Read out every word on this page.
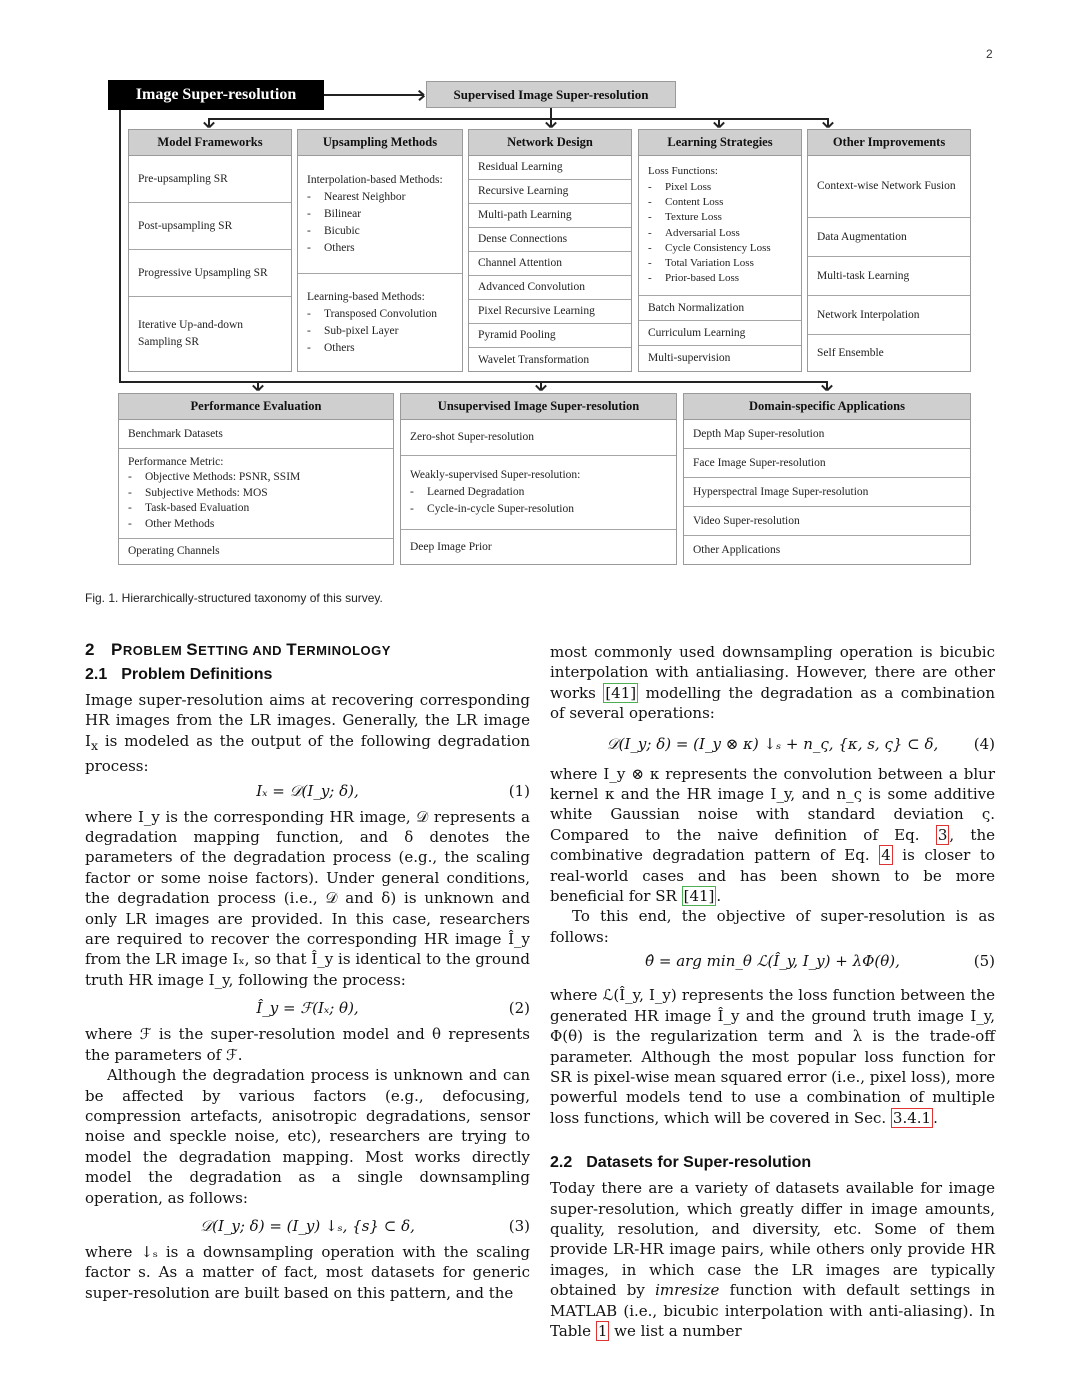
2
Image Super-resolution	Supervised Image Super-resolution
Model Frameworks
Pre-upsampling SR
Post-upsampling SR
Progressive Upsampling SR
Iterative Up-and-down Sampling SR
Upsampling Methods
Interpolation-based Methods:
- Nearest Neighbor
- Bilinear
- Bicubic
- Others
Learning-based Methods:
- Transposed Convolution
- Sub-pixel Layer
- Others
Network Design
Residual Learning
Recursive Learning
Multi-path Learning
Dense Connections
Channel Attention
Advanced Convolution
Pixel Recursive Learning
Pyramid Pooling
Wavelet Transformation
Learning Strategies
Loss Functions:
- Pixel Loss
- Content Loss
- Texture Loss
- Adversarial Loss
- Cycle Consistency Loss
- Total Variation Loss
- Prior-based Loss
Batch Normalization
Curriculum Learning
Multi-supervision
Other Improvements
Context-wise Network Fusion
Data Augmentation
Multi-task Learning
Network Interpolation
Self Ensemble
Performance Evaluation
Benchmark Datasets
Performance Metric:
- Objective Methods: PSNR, SSIM
- Subjective Methods: MOS
- Task-based Evaluation
- Other Methods
Operating Channels
Unsupervised Image Super-resolution
Zero-shot Super-resolution
Weakly-supervised Super-resolution:
- Learned Degradation
- Cycle-in-cycle Super-resolution
Deep Image Prior
Domain-specific Applications
Depth Map Super-resolution
Face Image Super-resolution
Hyperspectral Image Super-resolution
Video Super-resolution
Other Applications
Fig. 1. Hierarchically-structured taxonomy of this survey.
2 PROBLEM SETTING AND TERMINOLOGY
2.1 Problem Definitions

Image super-resolution aims at recovering corresponding HR images from the LR images. Generally, the LR image $I_x$ is modeled as the output of the following degradation process:

Iₓ = 𝒟(I_y; δ),	(1)

where I_y is the corresponding HR image, 𝒟 represents a degradation mapping function, and δ denotes the parameters of the degradation process (e.g., the scaling factor or some noise factors). Under general conditions, the degradation process (i.e., 𝒟 and δ) is unknown and only LR images are provided. In this case, researchers are required to recover the corresponding HR image Î_y from the LR image Iₓ, so that Î_y is identical to the ground truth HR image I_y, following the process:

Î_y = ℱ(Iₓ; θ),	(2)

where ℱ is the super-resolution model and θ represents the parameters of ℱ.

Although the degradation process is unknown and can be affected by various factors (e.g., defocusing, compression artefacts, anisotropic degradations, sensor noise and speckle noise, etc), researchers are trying to model the degradation mapping. Most works directly model the degradation as a single downsampling operation, as follows:

𝒟(I_y; δ) = (I_y) ↓ₛ, {s} ⊂ δ,	(3)

where ↓ₛ is a downsampling operation with the scaling factor s. As a matter of fact, most datasets for generic super-resolution are built based on this pattern, and the

most commonly used downsampling operation is bicubic interpolation with antialiasing. However, there are other works [41] modelling the degradation as a combination of several operations:

𝒟(I_y; δ) = (I_y ⊗ κ) ↓ₛ + n_ς, {κ, s, ς} ⊂ δ, (4)

where I_y ⊗ κ represents the convolution between a blur kernel κ and the HR image I_y, and n_ς is some additive white Gaussian noise with standard deviation ς. Compared to the naive definition of Eq. 3 , the combinative degradation pattern of Eq. 4 is closer to real-world cases and has been shown to be more beneficial for SR [41] .

To this end, the objective of super-resolution is as follows:

θ̂ = arg min_θ ℒ(Î_y, I_y) + λΦ(θ),	(5)

where ℒ(Î_y, I_y) represents the loss function between the generated HR image Î_y and the ground truth image I_y, Φ(θ) is the regularization term and λ is the trade-off parameter. Although the most popular loss function for SR is pixel-wise mean squared error (i.e., pixel loss), more powerful models tend to use a combination of multiple loss functions, which will be covered in Sec. 3.4.1 .

2.2 Datasets for Super-resolution

Today there are a variety of datasets available for image super-resolution, which greatly differ in image amounts, quality, resolution, and diversity, etc. Some of them provide LR-HR image pairs, while others only provide HR images, in which case the LR images are typically obtained by imresize function with default settings in MATLAB (i.e., bicubic interpolation with anti-aliasing). In Table 1 we list a number
